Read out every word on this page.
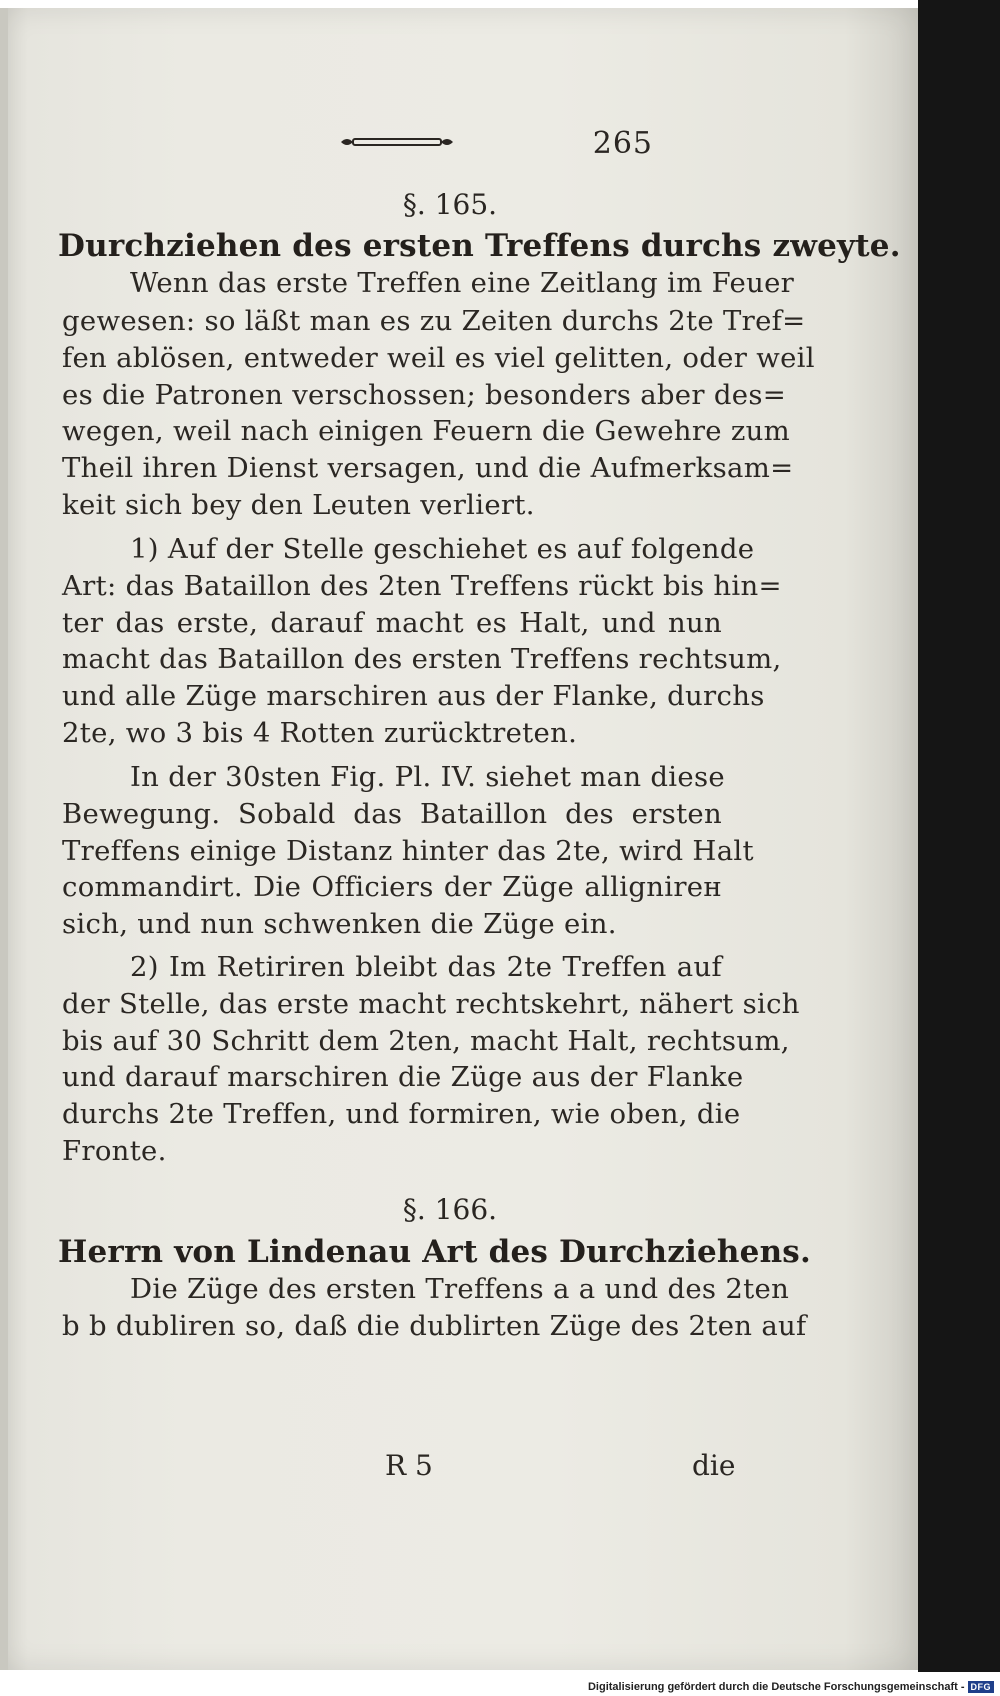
265
§. 165.
Durchziehen des ersten Treffens durchs zweyte.
Wenn das erste Treffen eine Zeitlang im Feuer
gewesen: so läßt man es zu Zeiten durchs 2te Tref=
fen ablösen, entweder weil es viel gelitten, oder weil
es die Patronen verschossen; besonders aber des=
wegen, weil nach einigen Feuern die Gewehre zum
Theil ihren Dienst versagen, und die Aufmerksam=
keit sich bey den Leuten verliert.
1) Auf der Stelle geschiehet es auf folgende
Art: das Bataillon des 2ten Treffens rückt bis hin=
ter das erste, darauf macht es Halt, und nun
macht das Bataillon des ersten Treffens rechtsum,
und alle Züge marschiren aus der Flanke, durchs
2te, wo 3 bis 4 Rotten zurücktreten.
In der 30sten Fig. Pl. IV. siehet man diese
Bewegung. Sobald das Bataillon des ersten
Treffens einige Distanz hinter das 2te, wird Halt
commandirt. Die Officiers der Züge allignirен
sich, und nun schwenken die Züge ein.
2) Im Retiriren bleibt das 2te Treffen auf
der Stelle, das erste macht rechtskehrt, nähert sich
bis auf 30 Schritt dem 2ten, macht Halt, rechtsum,
und darauf marschiren die Züge aus der Flanke
durchs 2te Treffen, und formiren, wie oben, die
Fronte.
§. 166.
Herrn von Lindenau Art des Durchziehens.
Die Züge des ersten Treffens a a und des 2ten
b b dubliren so, daß die dublirten Züge des 2ten auf
R 5	die
Digitalisierung gefördert durch die Deutsche Forschungsgemeinschaft - DFG
